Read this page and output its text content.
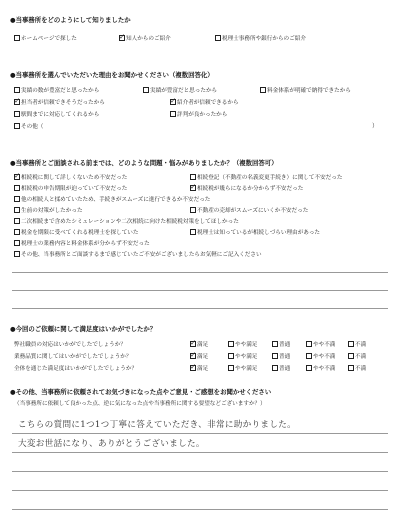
●当事務所をどのようにして知りましたか
ホームページで探した	✓ 知人からのご紹介	税理士事務所や銀行からのご紹介
●当事務所を選んでいただいた理由をお聞かせください（複数回答化）
実績の数が豊富だと思ったから	実績が豊富だと思ったから	料金体系が明確で納得できたから
✓ 担当者が信頼できそうだったから	✓ 紹介者が信頼できるから
駅間までに対応してくれるから	評判が良かったから
その他（	）
●当事務所とご面談される前までは、どのような問題・悩みがありましたか？（複数回答可）
✓ 相続税に関して詳しくないため不安だった	相続登記（不動産の名義変更手続き）に関して不安だった
相続税の申告期限が迫っていて不安だった	✓ 相続税が幾らになるか分からず不安だった
他の相続人と揉めていたため、手続きがスムーズに進行できるか不安だった
生前の対策がしたかった	不動産の売却がスムーズにいくか不安だった
二次相続まで含めたシミュレーションや二次相続に向けた相続税対策をしてほしかった
税金を期限に受べてくれる税理士を探していた	税理士は知っているが相続しづらい理由があった
税理士の業務内容と料金体系が分からず不安だった
その他、当事務所とご面談するまで感じていたご不安がございましたらお気軽にご記入ください
●今回のご依頼に関して満足度はいかがでしたか？
弊社職員の対応はいかがでしたでしょうか？	✓ 満足	やや満足	普通	やや不満	不満
業務品質に関してはいかがでしたでしょうか？	✓ 満足	やや満足	普通	やや不満	不満
全体を通じた満足度はいかがでしたでしょうか？	✓ 満足	やや満足	普通	やや不満	不満
●その他、当事務所に依頼されてお気づきになった点やご意見・ご感想をお聞かせください
（当事務所に依頼して良かった点、逆に気になった点や当事務所に関する要望などございますか？）
こちらの質問に1つ1つ丁寧に答えていただき、非常に助かりました。
大変お世話になり、ありがとうございました。
